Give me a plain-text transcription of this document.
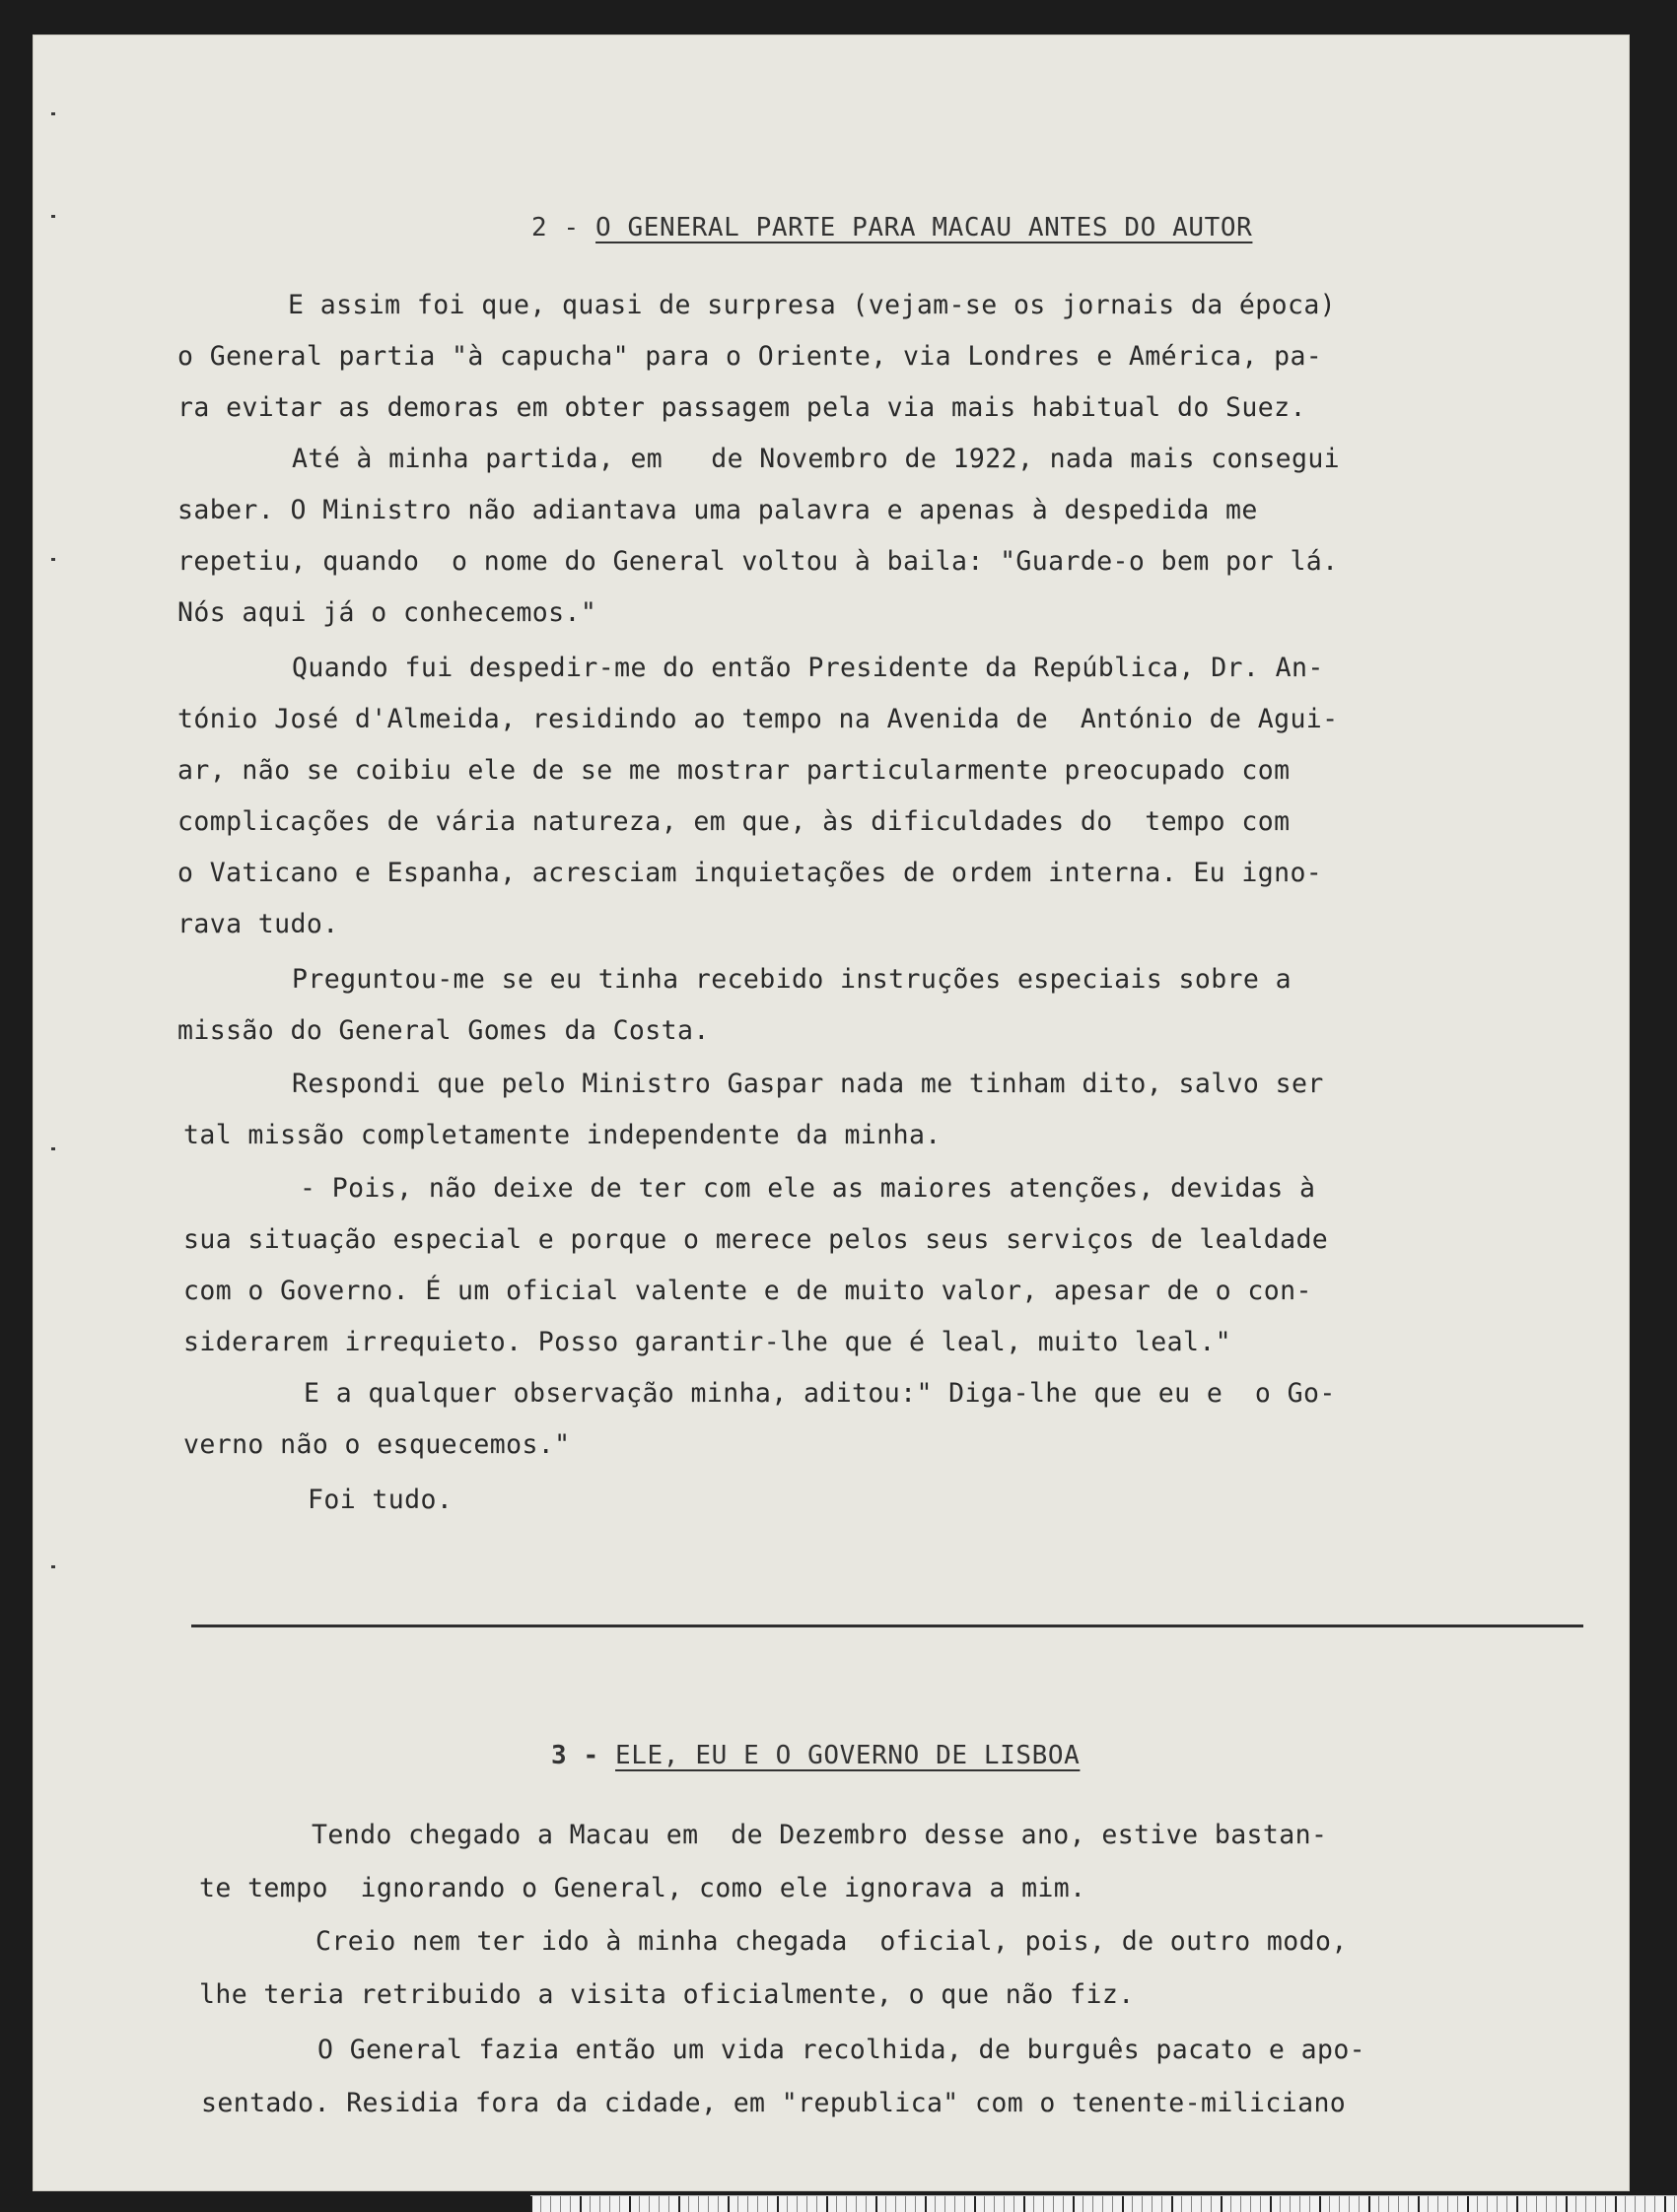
2 - O GENERAL PARTE PARA MACAU ANTES DO AUTOR

E assim foi que, quasi de surpresa (vejam-se os jornais da época)
o General partia "à capucha" para o Oriente, via Londres e América, pa-
ra evitar as demoras em obter passagem pela via mais habitual do Suez.
Até à minha partida, em   de Novembro de 1922, nada mais consegui
saber. O Ministro não adiantava uma palavra e apenas à despedida me
repetiu, quando  o nome do General voltou à baila: "Guarde-o bem por lá.
Nós aqui já o conhecemos."
Quando fui despedir-me do então Presidente da República, Dr. An-
tónio José d'Almeida, residindo ao tempo na Avenida de  António de Agui-
ar, não se coibiu ele de se me mostrar particularmente preocupado com
complicações de vária natureza, em que, às dificuldades do  tempo com
o Vaticano e Espanha, acresciam inquietações de ordem interna. Eu igno-
rava tudo.
Preguntou-me se eu tinha recebido instruções especiais sobre a
missão do General Gomes da Costa.
Respondi que pelo Ministro Gaspar nada me tinham dito, salvo ser
tal missão completamente independente da minha.
- Pois, não deixe de ter com ele as maiores atenções, devidas à
sua situação especial e porque o merece pelos seus serviços de lealdade
com o Governo. É um oficial valente e de muito valor, apesar de o con-
siderarem irrequieto. Posso garantir-lhe que é leal, muito leal."
E a qualquer observação minha, aditou:" Diga-lhe que eu e  o Go-
verno não o esquecemos."
Foi tudo.

3 - ELE, EU E O GOVERNO DE LISBOA

Tendo chegado a Macau em  de Dezembro desse ano, estive bastan-
te tempo  ignorando o General, como ele ignorava a mim.
Creio nem ter ido à minha chegada  oficial, pois, de outro modo,
lhe teria retribuido a visita oficialmente, o que não fiz.
O General fazia então um vida recolhida, de burguês pacato e apo-
sentado. Residia fora da cidade, em "republica" com o tenente-miliciano
